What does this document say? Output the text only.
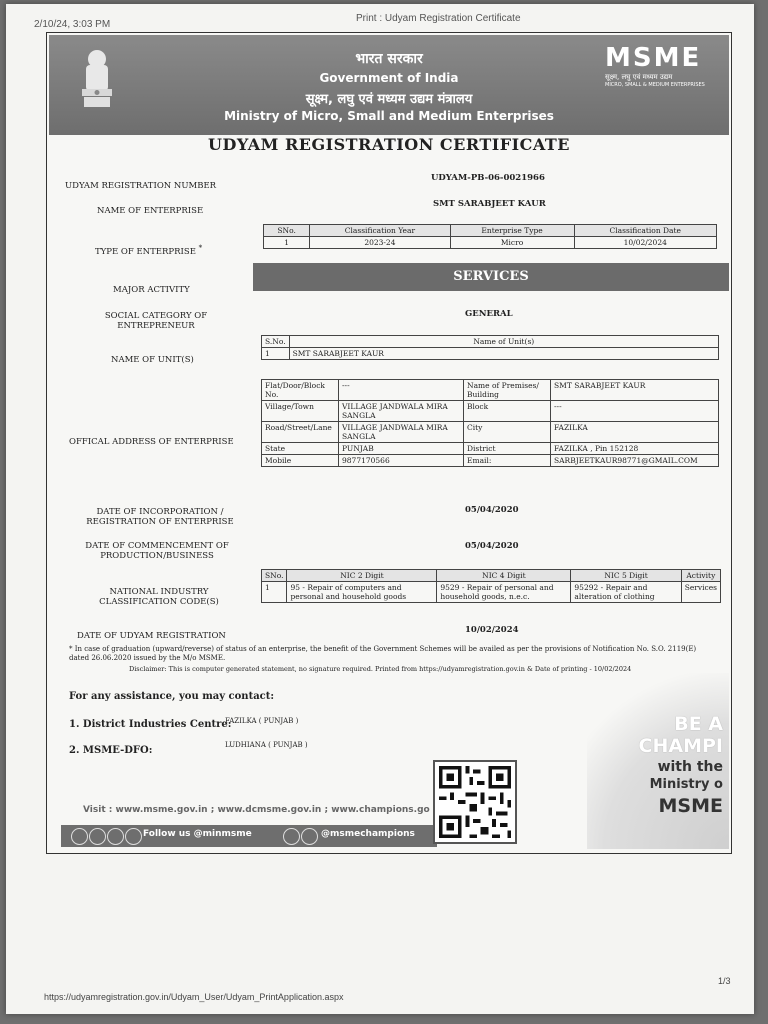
2/10/24, 3:03 PM
Print : Udyam Registration Certificate
भारत सरकार
Government of India
सूक्ष्म, लघु एवं मध्यम उद्यम मंत्रालय
Ministry of Micro, Small and Medium Enterprises
MSME
सूक्ष्म, लघु एवं मध्यम उद्यम
MICRO, SMALL & MEDIUM ENTERPRISES
UDYAM REGISTRATION CERTIFICATE
UDYAM REGISTRATION NUMBER
UDYAM-PB-06-0021966
NAME OF ENTERPRISE
SMT SARABJEET KAUR
TYPE OF ENTERPRISE *
SNo.	Classification Year	Enterprise Type	Classification Date
1	2023-24	Micro	10/02/2024
MAJOR ACTIVITY
SERVICES
SOCIAL CATEGORY OF ENTREPRENEUR
GENERAL
NAME OF UNIT(S)
S.No.	Name of Unit(s)
1	SMT SARABJEET KAUR
OFFICAL ADDRESS OF ENTERPRISE
Flat/Door/Block No.	---	Name of Premises/ Building	SMT SARABJEET KAUR
Village/Town	VILLAGE JANDWALA MIRA SANGLA	Block	---
Road/Street/Lane	VILLAGE JANDWALA MIRA SANGLA	City	FAZILKA
State	PUNJAB	District	FAZILKA , Pin 152128
Mobile	9877170566	Email:	SARBJEETKAUR98771@GMAIL.COM
DATE OF INCORPORATION / REGISTRATION OF ENTERPRISE
05/04/2020
DATE OF COMMENCEMENT OF PRODUCTION/BUSINESS
05/04/2020
NATIONAL INDUSTRY CLASSIFICATION CODE(S)
SNo.	NIC 2 Digit	NIC 4 Digit	NIC 5 Digit	Activity
1	95 - Repair of computers and personal and household goods	9529 - Repair of personal and household goods, n.e.c.	95292 - Repair and alteration of clothing	Services
DATE OF UDYAM REGISTRATION
10/02/2024
* In case of graduation (upward/reverse) of status of an enterprise, the benefit of the Government Schemes will be availed as per the provisions of Notification No. S.O. 2119(E) dated 26.06.2020 issued by the M/o MSME.
Disclaimer: This is computer generated statement, no signature required. Printed from https://udyamregistration.gov.in & Date of printing - 10/02/2024
For any assistance, you may contact:
1. District Industries Centre:
FAZILKA ( PUNJAB )
2. MSME-DFO:	LUDHIANA ( PUNJAB )
BE A
CHAMPI
with the
Ministry o
MSME
Visit : www.msme.gov.in ; www.dcmsme.gov.in ; www.champions.go
Follow us @minmsme	@msmechampions
1/3
https://udyamregistration.gov.in/Udyam_User/Udyam_PrintApplication.aspx
